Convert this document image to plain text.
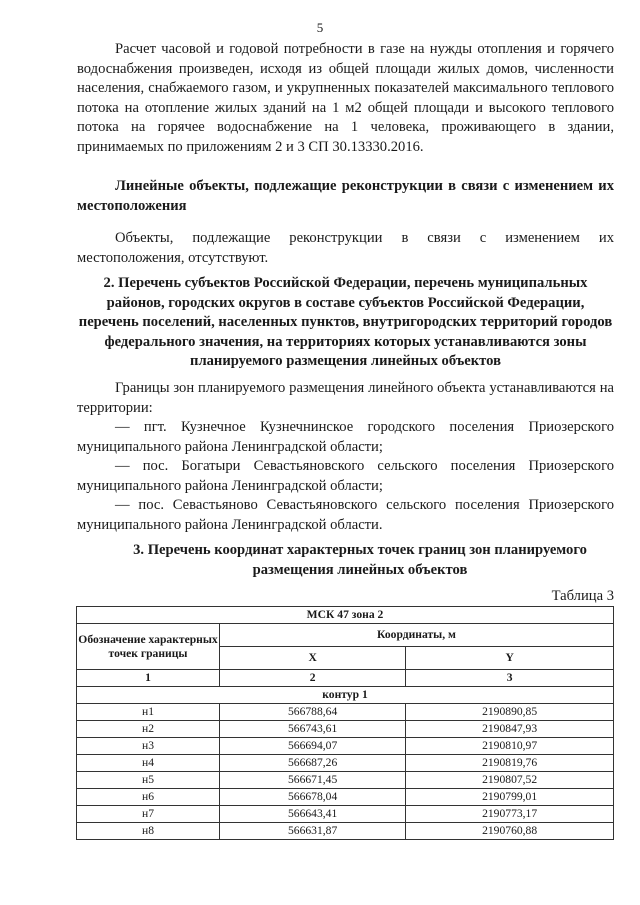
5
Расчет часовой и годовой потребности в газе на нужды отопления и горячего водоснабжения произведен, исходя из общей площади жилых домов, численности населения, снабжаемого газом, и укрупненных показателей максимального теплового потока на отопление жилых зданий на 1 м2 общей площади и высокого теплового потока на горячее водоснабжение на 1 человека, проживающего в здании, принимаемых по приложениям 2 и 3 СП 30.13330.2016.
Линейные объекты, подлежащие реконструкции в связи с изменением их местоположения
Объекты, подлежащие реконструкции в связи с изменением их местоположения, отсутствуют.
2. Перечень субъектов Российской Федерации, перечень муниципальных районов, городских округов в составе субъектов Российской Федерации, перечень поселений, населенных пунктов, внутригородских территорий городов федерального значения, на территориях которых устанавливаются зоны планируемого размещения линейных объектов
Границы зон планируемого размещения линейного объекта устанавливаются на территории:
— пгт. Кузнечное Кузнечнинское городского поселения Приозерского муниципального района Ленинградской области;
— пос. Богатыри Севастьяновского сельского поселения Приозерского муниципального района Ленинградской области;
— пос. Севастьяново Севастьяновского сельского поселения Приозерского муниципального района Ленинградской области.
3. Перечень координат характерных точек границ зон планируемого размещения линейных объектов
Таблица 3
МСК 47 зона 2		
Обозначение характерных точек границы	Координаты, м	
	X	Y
1	2	3
контур 1		
н1	566788,64	2190890,85
н2	566743,61	2190847,93
н3	566694,07	2190810,97
н4	566687,26	2190819,76
н5	566671,45	2190807,52
н6	566678,04	2190799,01
н7	566643,41	2190773,17
н8	566631,87	2190760,88
